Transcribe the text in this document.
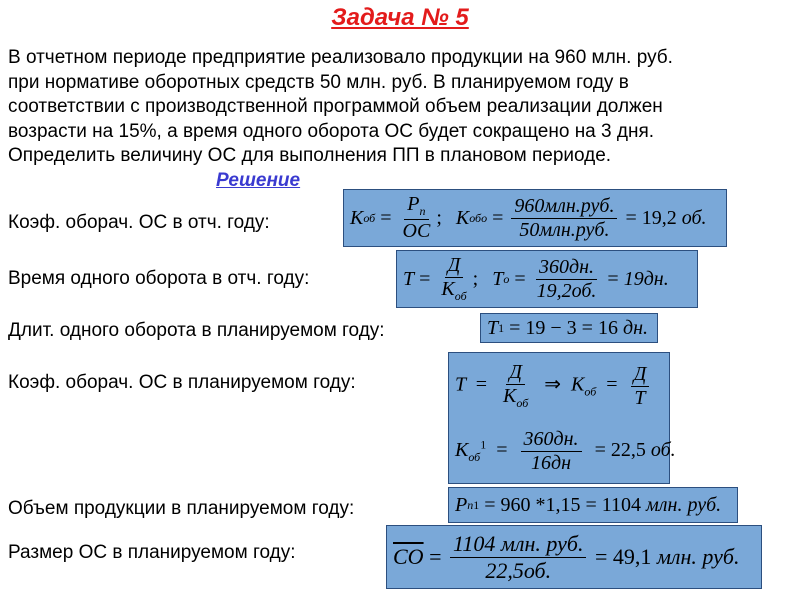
Задача № 5
В отчетном периоде предприятие реализовало продукции на 960 млн. руб.
при нормативе оборотных средств 50 млн. руб. В планируемом году в
соответствии с производственной программой объем реализации должен
возрасти на 15%, а время одного оборота ОС будет сокращено на 3 дня.
Определить величину ОС для выполнения ПП в плановом периоде.
Решение
Коэф. оборач. ОС в отч. году:	K об = $\frac{P_п}{OC}$ ; K об $o = \frac{\text{960млн.руб.}}{\text{50млн.руб.}} = 19,2$
об.
Время одного оборота в отч. году:	$T = \frac{Д}{K_{об}}$ ; T $o = \frac{360дн.}{19,2об.} = 19дн$.
Длит. одного оборота в планируемом году:	T 1 = 19 − 3 = 16
дн.
Коэф. оборач. ОС в планируемом году:	$T = \frac{Д}{K_{об}}$ ⇒  $K_{об} = \frac{Д}{T}$
$K_{об}^1 = \frac{360дн.}{16дн} = 22,5$ об.
Объем продукции в планируемом году:	P п 1 = 960 *1,15 = 1104
млн. руб.
Размер ОС в планируемом году:	$\overline{CO} = \frac{\text{1104 млн. руб.}}{22,5об.} = 49,1$
млн. руб.
